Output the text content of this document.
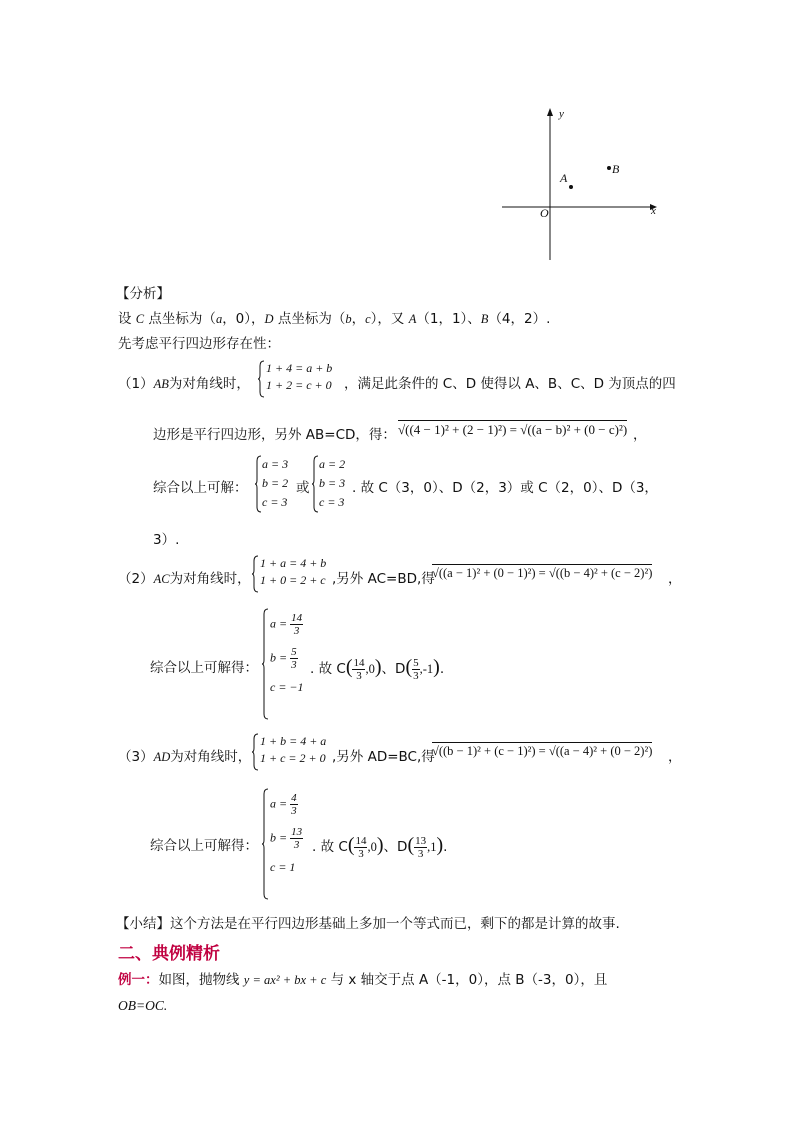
y
x
O
A
B
【分析】
设 C 点坐标为（a，0），D 点坐标为（b，c），又 A（1，1）、B（4，2）.
先考虑平行四边形存在性：
（1）AB为对角线时，
1 + 4 = a + b
1 + 2 = c + 0 ，满足此条件的 C、D 使得以 A、B、C、D 为顶点的四
边形是平行四边形，另外 AB=CD，得： √((4 − 1)² + (2 − 1)²) = √((a − b)² + (0 − c)²) ，
综合以上可解：
a = 3
b = 2
c = 3
或
a = 2
b = 3
c = 3
. 故 C（3，0）、D（2，3）或 C（2，0）、D（3，
3）.
（2）AC为对角线时，
1 + a = 4 + b
1 + 0 = 2 + c ,另外 AC=BD,得
√((a − 1)² + (0 − 1)²) = √((b − 4)² + (c − 2)²) ，
综合以上可解得：
$a = \frac{14}{3}$
$b = \frac{5}{3}$
c = −1
. 故 $C( \frac{14}{3} ,0)$、$D( \frac{5}{3} ,-1)$.
（3）AD为对角线时，
1 + b = 4 + a
1 + c = 2 + 0 ,另外 AD=BC,得
√((b − 1)² + (c − 1)²) = √((a − 4)² + (0 − 2)²) ，
综合以上可解得：
$a = \frac{4}{3}$
$b = \frac{13}{3}$
c = 1
. 故 $C( \frac{14}{3} ,0)$、$D( \frac{13}{3} ,1)$.
【小结】这个方法是在平行四边形基础上多加一个等式而已，剩下的都是计算的故事.
二、典例精析
例一：如图，抛物线 y = ax² + bx + c 与 x 轴交于点 A（-1，0），点 B（-3，0），且
OB=OC.
